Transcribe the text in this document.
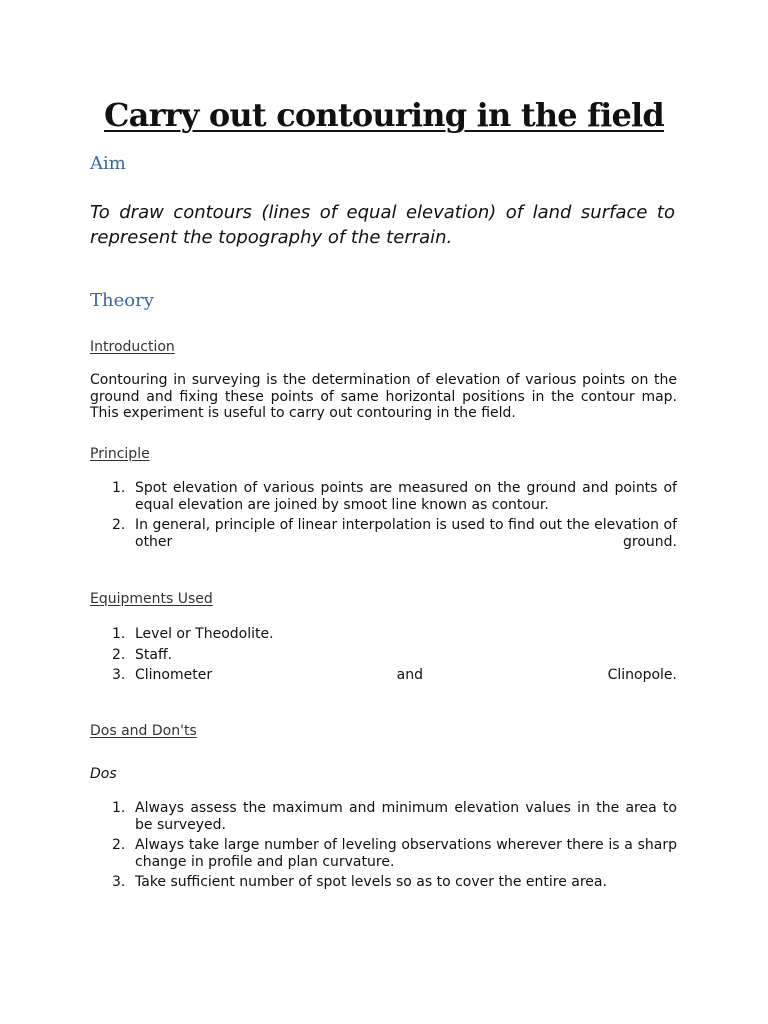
Carry out contouring in the field
Aim

To draw contours (lines of equal elevation) of land surface to represent the topography of the terrain.

Theory
Introduction

Contouring in surveying is the determination of elevation of various points on the ground and fixing these points of same horizontal positions in the contour map. This experiment is useful to carry out contouring in the field.

Principle
1. Spot elevation of various points are measured on the ground and points of equal elevation are joined by smoot line known as contour.
2. In general, principle of linear interpolation is used to find out the elevation of other ground.
Equipments Used
1. Level or Theodolite.
2. Staff.
3. Clinometer and Clinopole.
Dos and Don'ts
Dos
1. Always assess the maximum and minimum elevation values in the area to be surveyed.
2. Always take large number of leveling observations wherever there is a sharp change in profile and plan curvature.
3. Take sufficient number of spot levels so as to cover the entire area.
